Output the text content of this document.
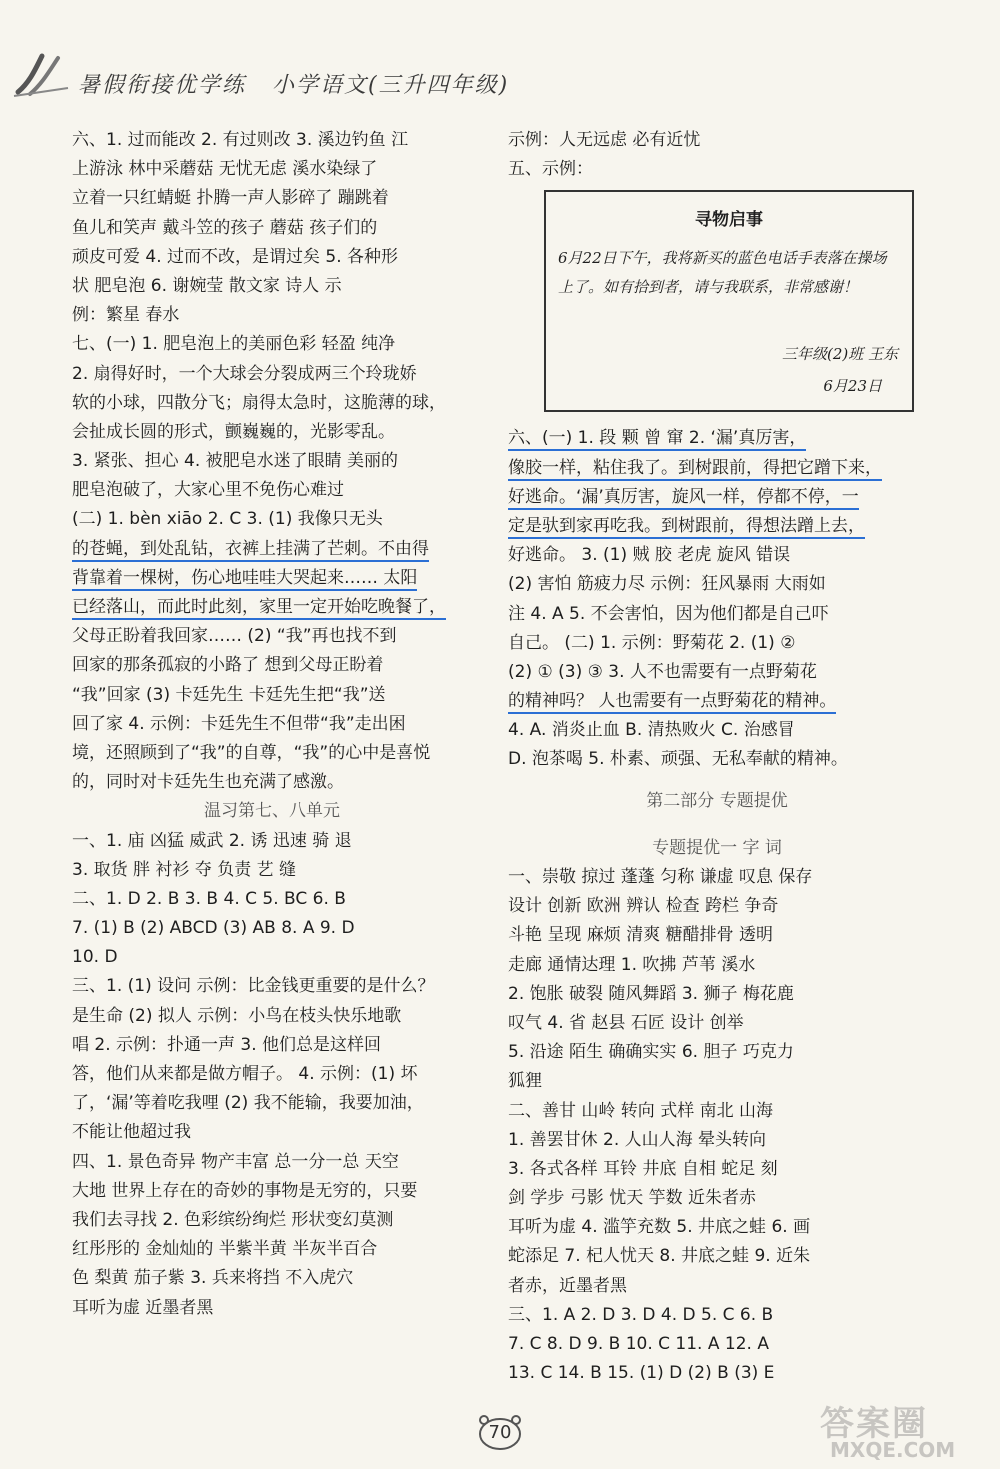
暑假衔接优学练 小学语文(三升四年级)
六、1. 过而能改 2. 有过则改 3. 溪边钓鱼 江
上游泳 林中采蘑菇 无忧无虑 溪水染绿了
立着一只红蜻蜓 扑腾一声人影碎了 蹦跳着
鱼儿和笑声 戴斗笠的孩子 蘑菇 孩子们的
顽皮可爱 4. 过而不改，是谓过矣 5. 各种形
状 肥皂泡 6. 谢婉莹 散文家 诗人 示
例：繁星 春水
七、(一) 1. 肥皂泡上的美丽色彩 轻盈 纯净
2. 扇得好时，一个大球会分裂成两三个玲珑娇
软的小球，四散分飞；扇得太急时，这脆薄的球，
会扯成长圆的形式，颤巍巍的，光影零乱。
3. 紧张、担心 4. 被肥皂水迷了眼睛 美丽的
肥皂泡破了，大家心里不免伤心难过
(二) 1. bèn xiāo 2. C 3. (1) 我像只无头
的苍蝇，到处乱钻，衣裤上挂满了芒刺。不由得
背靠着一棵树，伤心地哇哇大哭起来…… 太阳
已经落山，而此时此刻，家里一定开始吃晚餐了，
父母正盼着我回家…… (2) “我”再也找不到
回家的那条孤寂的小路了 想到父母正盼着
“我”回家 (3) 卡廷先生 卡廷先生把“我”送
回了家 4. 示例：卡廷先生不但带“我”走出困
境，还照顾到了“我”的自尊，“我”的心中是喜悦
的，同时对卡廷先生也充满了感激。
温习第七、八单元
一、1. 庙 凶猛 威武 2. 诱 迅速 骑 退
3. 取货 胖 衬衫 夺 负责 艺 缝
二、1. D 2. B 3. B 4. C 5. BC 6. B
7. (1) B (2) ABCD (3) AB 8. A 9. D
10. D
三、1. (1) 设问 示例：比金钱更重要的是什么？
是生命 (2) 拟人 示例：小鸟在枝头快乐地歌
唱 2. 示例：扑通一声 3. 他们总是这样回
答，他们从来都是做方帽子。 4. 示例：(1) 坏
了，‘漏’等着吃我哩 (2) 我不能输，我要加油，
不能让他超过我
四、1. 景色奇异 物产丰富 总一分一总 天空
大地 世界上存在的奇妙的事物是无穷的，只要
我们去寻找 2. 色彩缤纷绚烂 形状变幻莫测
红彤彤的 金灿灿的 半紫半黄 半灰半百合
色 梨黄 茄子紫 3. 兵来将挡 不入虎穴
耳听为虚 近墨者黑
示例：人无远虑 必有近忧
五、示例：
寻物启事
6月22日下午，我将新买的蓝色电话手表落在操场上了。如有拾到者，请与我联系，非常感谢！
三年级(2)班 王东
6月23日
六、(一) 1. 段 颗 曾 窜 2. ‘漏’真厉害，
像胶一样，粘住我了。到树跟前，得把它蹭下来，
好逃命。‘漏’真厉害，旋风一样，停都不停，一
定是驮到家再吃我。到树跟前，得想法蹭上去，
好逃命。 3. (1) 贼 胶 老虎 旋风 错误
(2) 害怕 筋疲力尽 示例：狂风暴雨 大雨如
注 4. A 5. 不会害怕，因为他们都是自己吓
自己。 (二) 1. 示例：野菊花 2. (1) ②
(2) ① (3) ③ 3. 人不也需要有一点野菊花
的精神吗？ 人也需要有一点野菊花的精神。
4. A. 消炎止血 B. 清热败火 C. 治感冒
D. 泡茶喝 5. 朴素、顽强、无私奉献的精神。
第二部分 专题提优
专题提优一 字 词
一、崇敬 掠过 蓬蓬 匀称 谦虚 叹息 保存
设计 创新 欧洲 辨认 检查 跨栏 争奇
斗艳 呈现 麻烦 清爽 糖醋排骨 透明
走廊 通情达理 1. 吹拂 芦苇 溪水
2. 饱胀 破裂 随风舞蹈 3. 狮子 梅花鹿
叹气 4. 省 赵县 石匠 设计 创举
5. 沿途 陌生 确确实实 6. 胆子 巧克力
狐狸
二、善甘 山岭 转向 式样 南北 山海
1. 善罢甘休 2. 人山人海 晕头转向
3. 各式各样 耳铃 井底 自相 蛇足 刻
剑 学步 弓影 忧天 竽数 近朱者赤
耳听为虚 4. 滥竽充数 5. 井底之蛙 6. 画
蛇添足 7. 杞人忧天 8. 井底之蛙 9. 近朱
者赤，近墨者黑
三、1. A 2. D 3. D 4. D 5. C 6. B
7. C 8. D 9. B 10. C 11. A 12. A
13. C 14. B 15. (1) D (2) B (3) E
70	答案圈
MXQE.COM
